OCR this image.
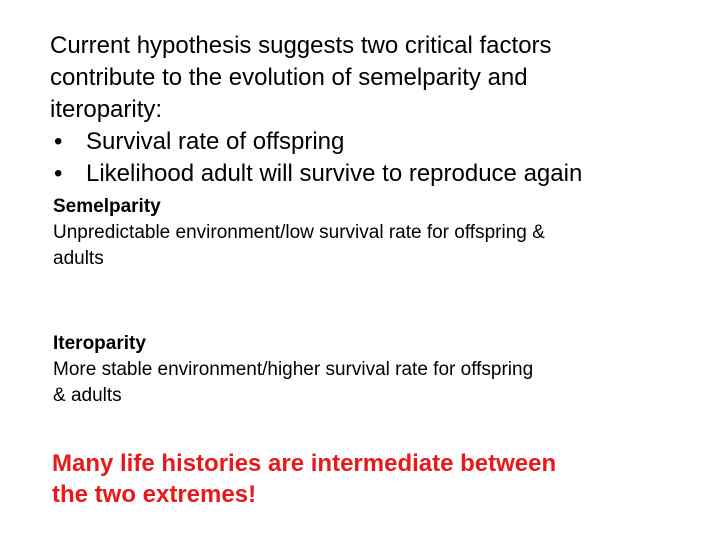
Current hypothesis suggests two critical factors
contribute to the evolution of semelparity and
iteroparity:
• Survival rate of offspring
• Likelihood adult will survive to reproduce again
Semelparity
Unpredictable environment/low survival rate for offspring &
adults
Iteroparity
More stable environment/higher survival rate for offspring
& adults
Many life histories are intermediate between
the two extremes!
